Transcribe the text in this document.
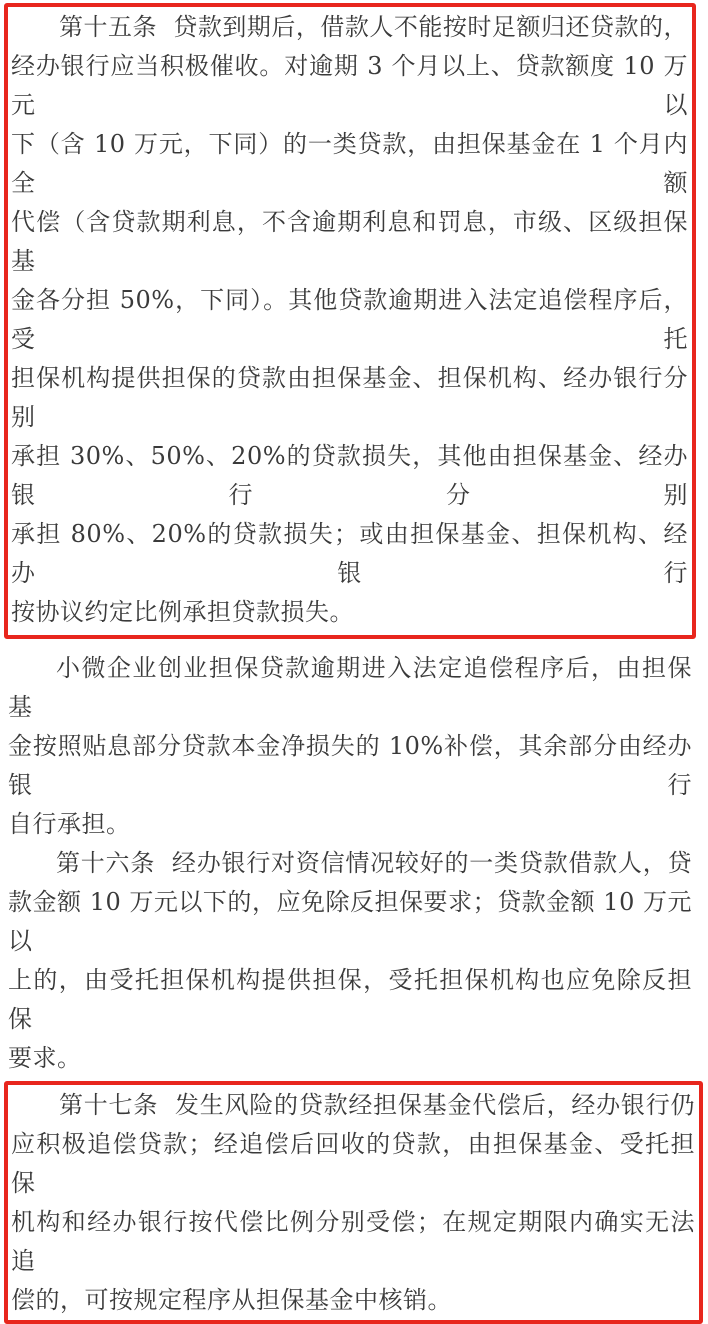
第十五条  贷款到期后，借款人不能按时足额归还贷款的，

经办银行应当积极催收。对逾期 3 个月以上、贷款额度 10 万元以

下（含 10 万元，下同）的一类贷款，由担保基金在 1 个月内全额

代偿（含贷款期利息，不含逾期利息和罚息，市级、区级担保基

金各分担 50%，下同）。其他贷款逾期进入法定追偿程序后，受托

担保机构提供担保的贷款由担保基金、担保机构、经办银行分别

承担 30%、50%、20%的贷款损失，其他由担保基金、经办银行分别

承担 80%、20%的贷款损失；或由担保基金、担保机构、经办银行

按协议约定比例承担贷款损失。

小微企业创业担保贷款逾期进入法定追偿程序后，由担保基

金按照贴息部分贷款本金净损失的 10%补偿，其余部分由经办银行

自行承担。

第十六条  经办银行对资信情况较好的一类贷款借款人，贷

款金额 10 万元以下的，应免除反担保要求；贷款金额 10 万元以

上的，由受托担保机构提供担保，受托担保机构也应免除反担保

要求。

第十七条  发生风险的贷款经担保基金代偿后，经办银行仍

应积极追偿贷款；经追偿后回收的贷款，由担保基金、受托担保

机构和经办银行按代偿比例分别受偿；在规定期限内确实无法追

偿的，可按规定程序从担保基金中核销。
